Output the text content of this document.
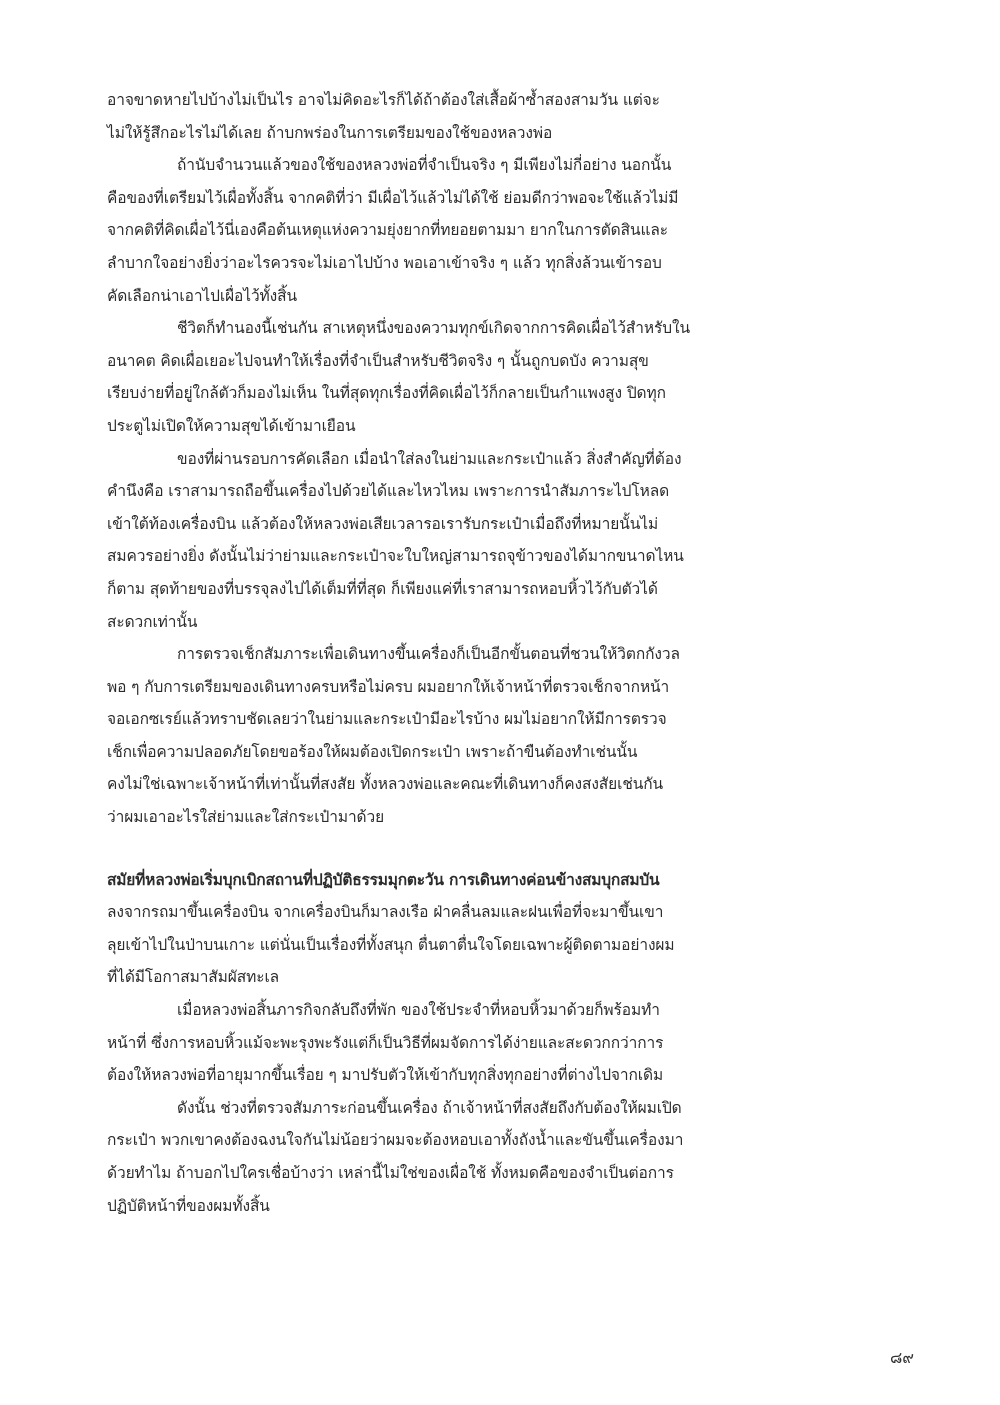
อาจขาดหายไปบ้างไม่เป็นไร อาจไม่คิดอะไรก็ได้ถ้าต้องใส่เสื้อผ้าซ้ำสองสามวัน แต่จะ
ไม่ให้รู้สึกอะไรไม่ได้เลย ถ้าบกพร่องในการเตรียมของใช้ของหลวงพ่อ

ถ้านับจำนวนแล้วของใช้ของหลวงพ่อที่จำเป็นจริง ๆ มีเพียงไม่กี่อย่าง นอกนั้น
คือของที่เตรียมไว้เผื่อทั้งสิ้น จากคติที่ว่า มีเผื่อไว้แล้วไม่ได้ใช้ ย่อมดีกว่าพอจะใช้แล้วไม่มี
จากคติที่คิดเผื่อไว้นี่เองคือต้นเหตุแห่งความยุ่งยากที่ทยอยตามมา ยากในการตัดสินและ
ลำบากใจอย่างยิ่งว่าอะไรควรจะไม่เอาไปบ้าง พอเอาเข้าจริง ๆ แล้ว ทุกสิ่งล้วนเข้ารอบ
คัดเลือกน่าเอาไปเผื่อไว้ทั้งสิ้น

ชีวิตก็ทำนองนี้เช่นกัน สาเหตุหนึ่งของความทุกข์เกิดจากการคิดเผื่อไว้สำหรับใน
อนาคต คิดเผื่อเยอะไปจนทำให้เรื่องที่จำเป็นสำหรับชีวิตจริง ๆ นั้นถูกบดบัง ความสุข
เรียบง่ายที่อยู่ใกล้ตัวก็มองไม่เห็น ในที่สุดทุกเรื่องที่คิดเผื่อไว้ก็กลายเป็นกำแพงสูง ปิดทุก
ประตูไม่เปิดให้ความสุขได้เข้ามาเยือน

ของที่ผ่านรอบการคัดเลือก เมื่อนำใส่ลงในย่ามและกระเป๋าแล้ว สิ่งสำคัญที่ต้อง
คำนึงคือ เราสามารถถือขึ้นเครื่องไปด้วยได้และไหวไหม เพราะการนำสัมภาระไปโหลด
เข้าใต้ท้องเครื่องบิน แล้วต้องให้หลวงพ่อเสียเวลารอเรารับกระเป๋าเมื่อถึงที่หมายนั้นไม่
สมควรอย่างยิ่ง ดังนั้นไม่ว่าย่ามและกระเป๋าจะใบใหญ่สามารถจุข้าวของได้มากขนาดไหน
ก็ตาม สุดท้ายของที่บรรจุลงไปได้เต็มที่ที่สุด ก็เพียงแค่ที่เราสามารถหอบหิ้วไว้กับตัวได้
สะดวกเท่านั้น

การตรวจเช็กสัมภาระเพื่อเดินทางขึ้นเครื่องก็เป็นอีกขั้นตอนที่ชวนให้วิตกกังวล
พอ ๆ กับการเตรียมของเดินทางครบหรือไม่ครบ ผมอยากให้เจ้าหน้าที่ตรวจเช็กจากหน้า
จอเอกซเรย์แล้วทราบชัดเลยว่าในย่ามและกระเป๋ามีอะไรบ้าง ผมไม่อยากให้มีการตรวจ
เช็กเพื่อความปลอดภัยโดยขอร้องให้ผมต้องเปิดกระเป๋า เพราะถ้าขืนต้องทำเช่นนั้น
คงไม่ใช่เฉพาะเจ้าหน้าที่เท่านั้นที่สงสัย ทั้งหลวงพ่อและคณะที่เดินทางก็คงสงสัยเช่นกัน
ว่าผมเอาอะไรใส่ย่ามและใส่กระเป๋ามาด้วย

สมัยที่หลวงพ่อเริ่มบุกเบิกสถานที่ปฏิบัติธรรมมุกตะวัน การเดินทางค่อนข้างสมบุกสมบัน
ลงจากรถมาขึ้นเครื่องบิน จากเครื่องบินก็มาลงเรือ ฝ่าคลื่นลมและฝนเพื่อที่จะมาขึ้นเขา
ลุยเข้าไปในป่าบนเกาะ แต่นั่นเป็นเรื่องที่ทั้งสนุก ตื่นตาตื่นใจโดยเฉพาะผู้ติดตามอย่างผม
ที่ได้มีโอกาสมาสัมผัสทะเล

เมื่อหลวงพ่อสิ้นภารกิจกลับถึงที่พัก ของใช้ประจำที่หอบหิ้วมาด้วยก็พร้อมทำ
หน้าที่ ซึ่งการหอบหิ้วแม้จะพะรุงพะรังแต่ก็เป็นวิธีที่ผมจัดการได้ง่ายและสะดวกกว่าการ
ต้องให้หลวงพ่อที่อายุมากขึ้นเรื่อย ๆ มาปรับตัวให้เข้ากับทุกสิ่งทุกอย่างที่ต่างไปจากเดิม

ดังนั้น ช่วงที่ตรวจสัมภาระก่อนขึ้นเครื่อง ถ้าเจ้าหน้าที่สงสัยถึงกับต้องให้ผมเปิด
กระเป๋า พวกเขาคงต้องฉงนใจกันไม่น้อยว่าผมจะต้องหอบเอาทั้งถังน้ำและขันขึ้นเครื่องมา
ด้วยทำไม ถ้าบอกไปใครเชื่อบ้างว่า เหล่านี้ไม่ใช่ของเผื่อใช้ ทั้งหมดคือของจำเป็นต่อการ
ปฏิบัติหน้าที่ของผมทั้งสิ้น

๘๙
